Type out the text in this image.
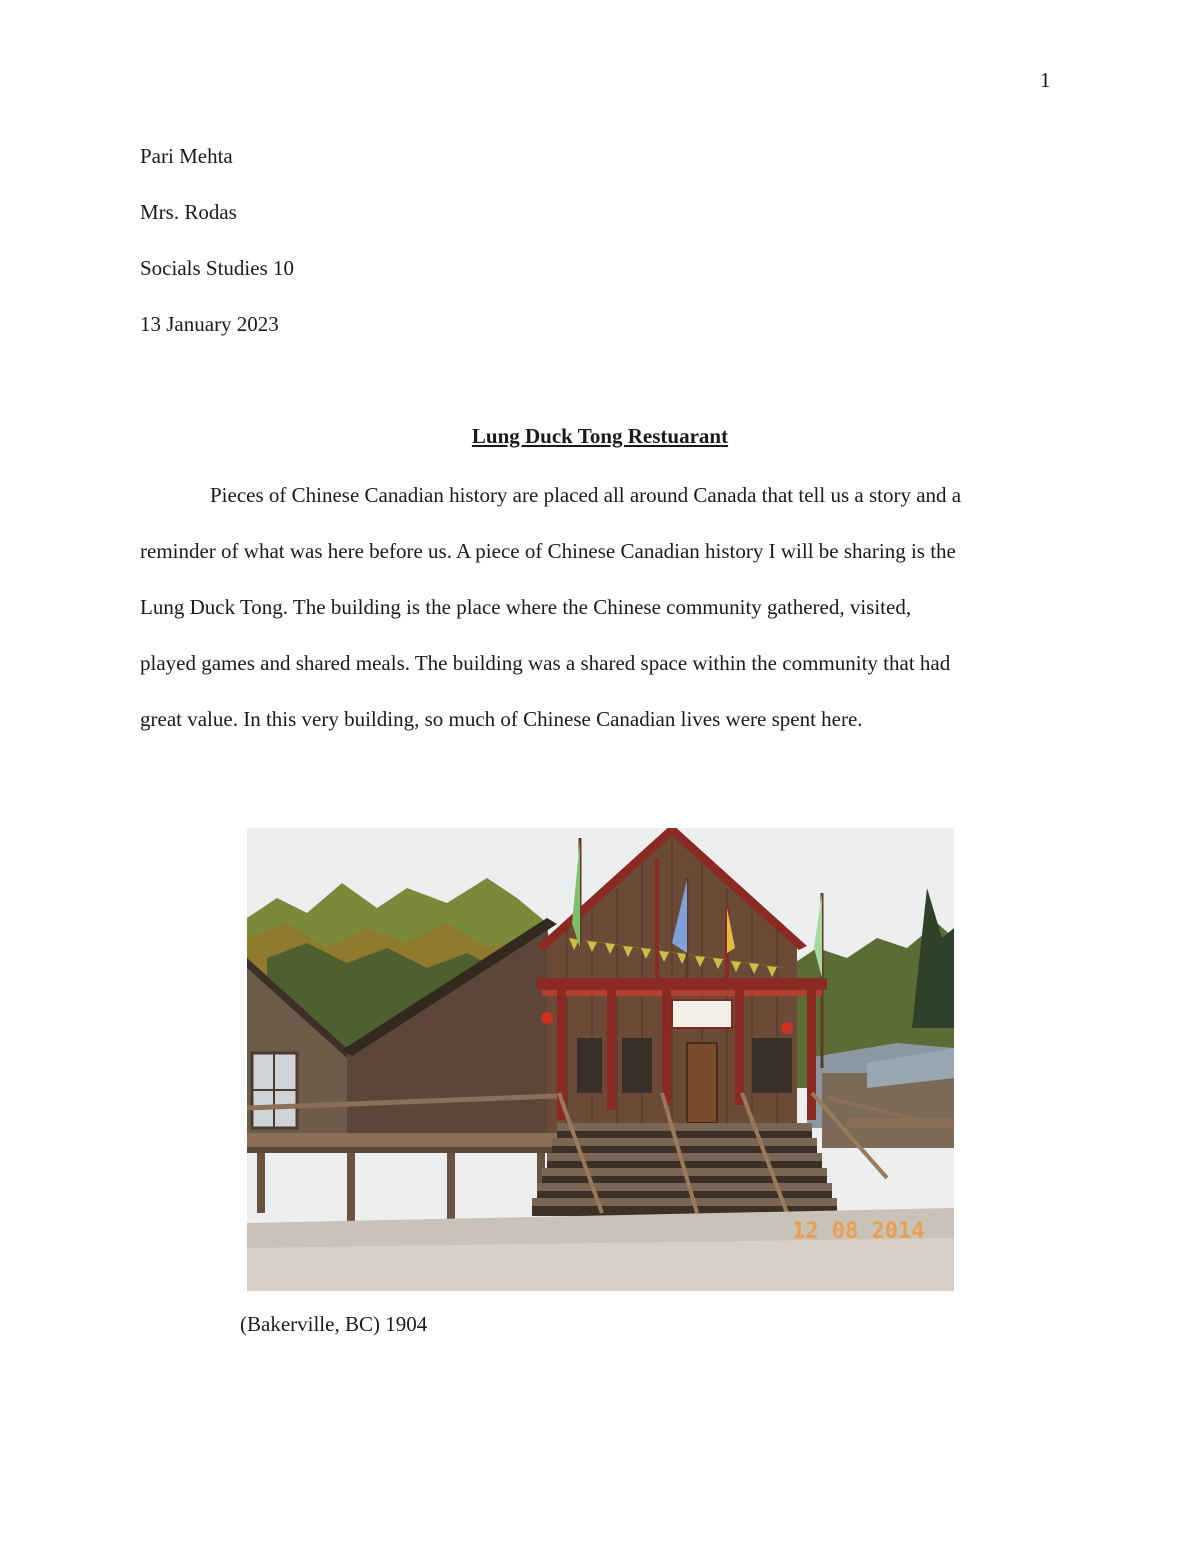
1
Pari Mehta
Mrs. Rodas
Socials Studies 10
13 January 2023
Lung Duck Tong Restuarant
Pieces of Chinese Canadian history are placed all around Canada that tell us a story and a
reminder of what was here before us. A piece of Chinese Canadian history I will be sharing is the
Lung Duck Tong. The building is the place where the Chinese community gathered, visited,
played games and shared meals. The building was a shared space within the community that had
great value. In this very building, so much of Chinese Canadian lives were spent here.
12 08 2014
(Bakerville, BC) 1904
